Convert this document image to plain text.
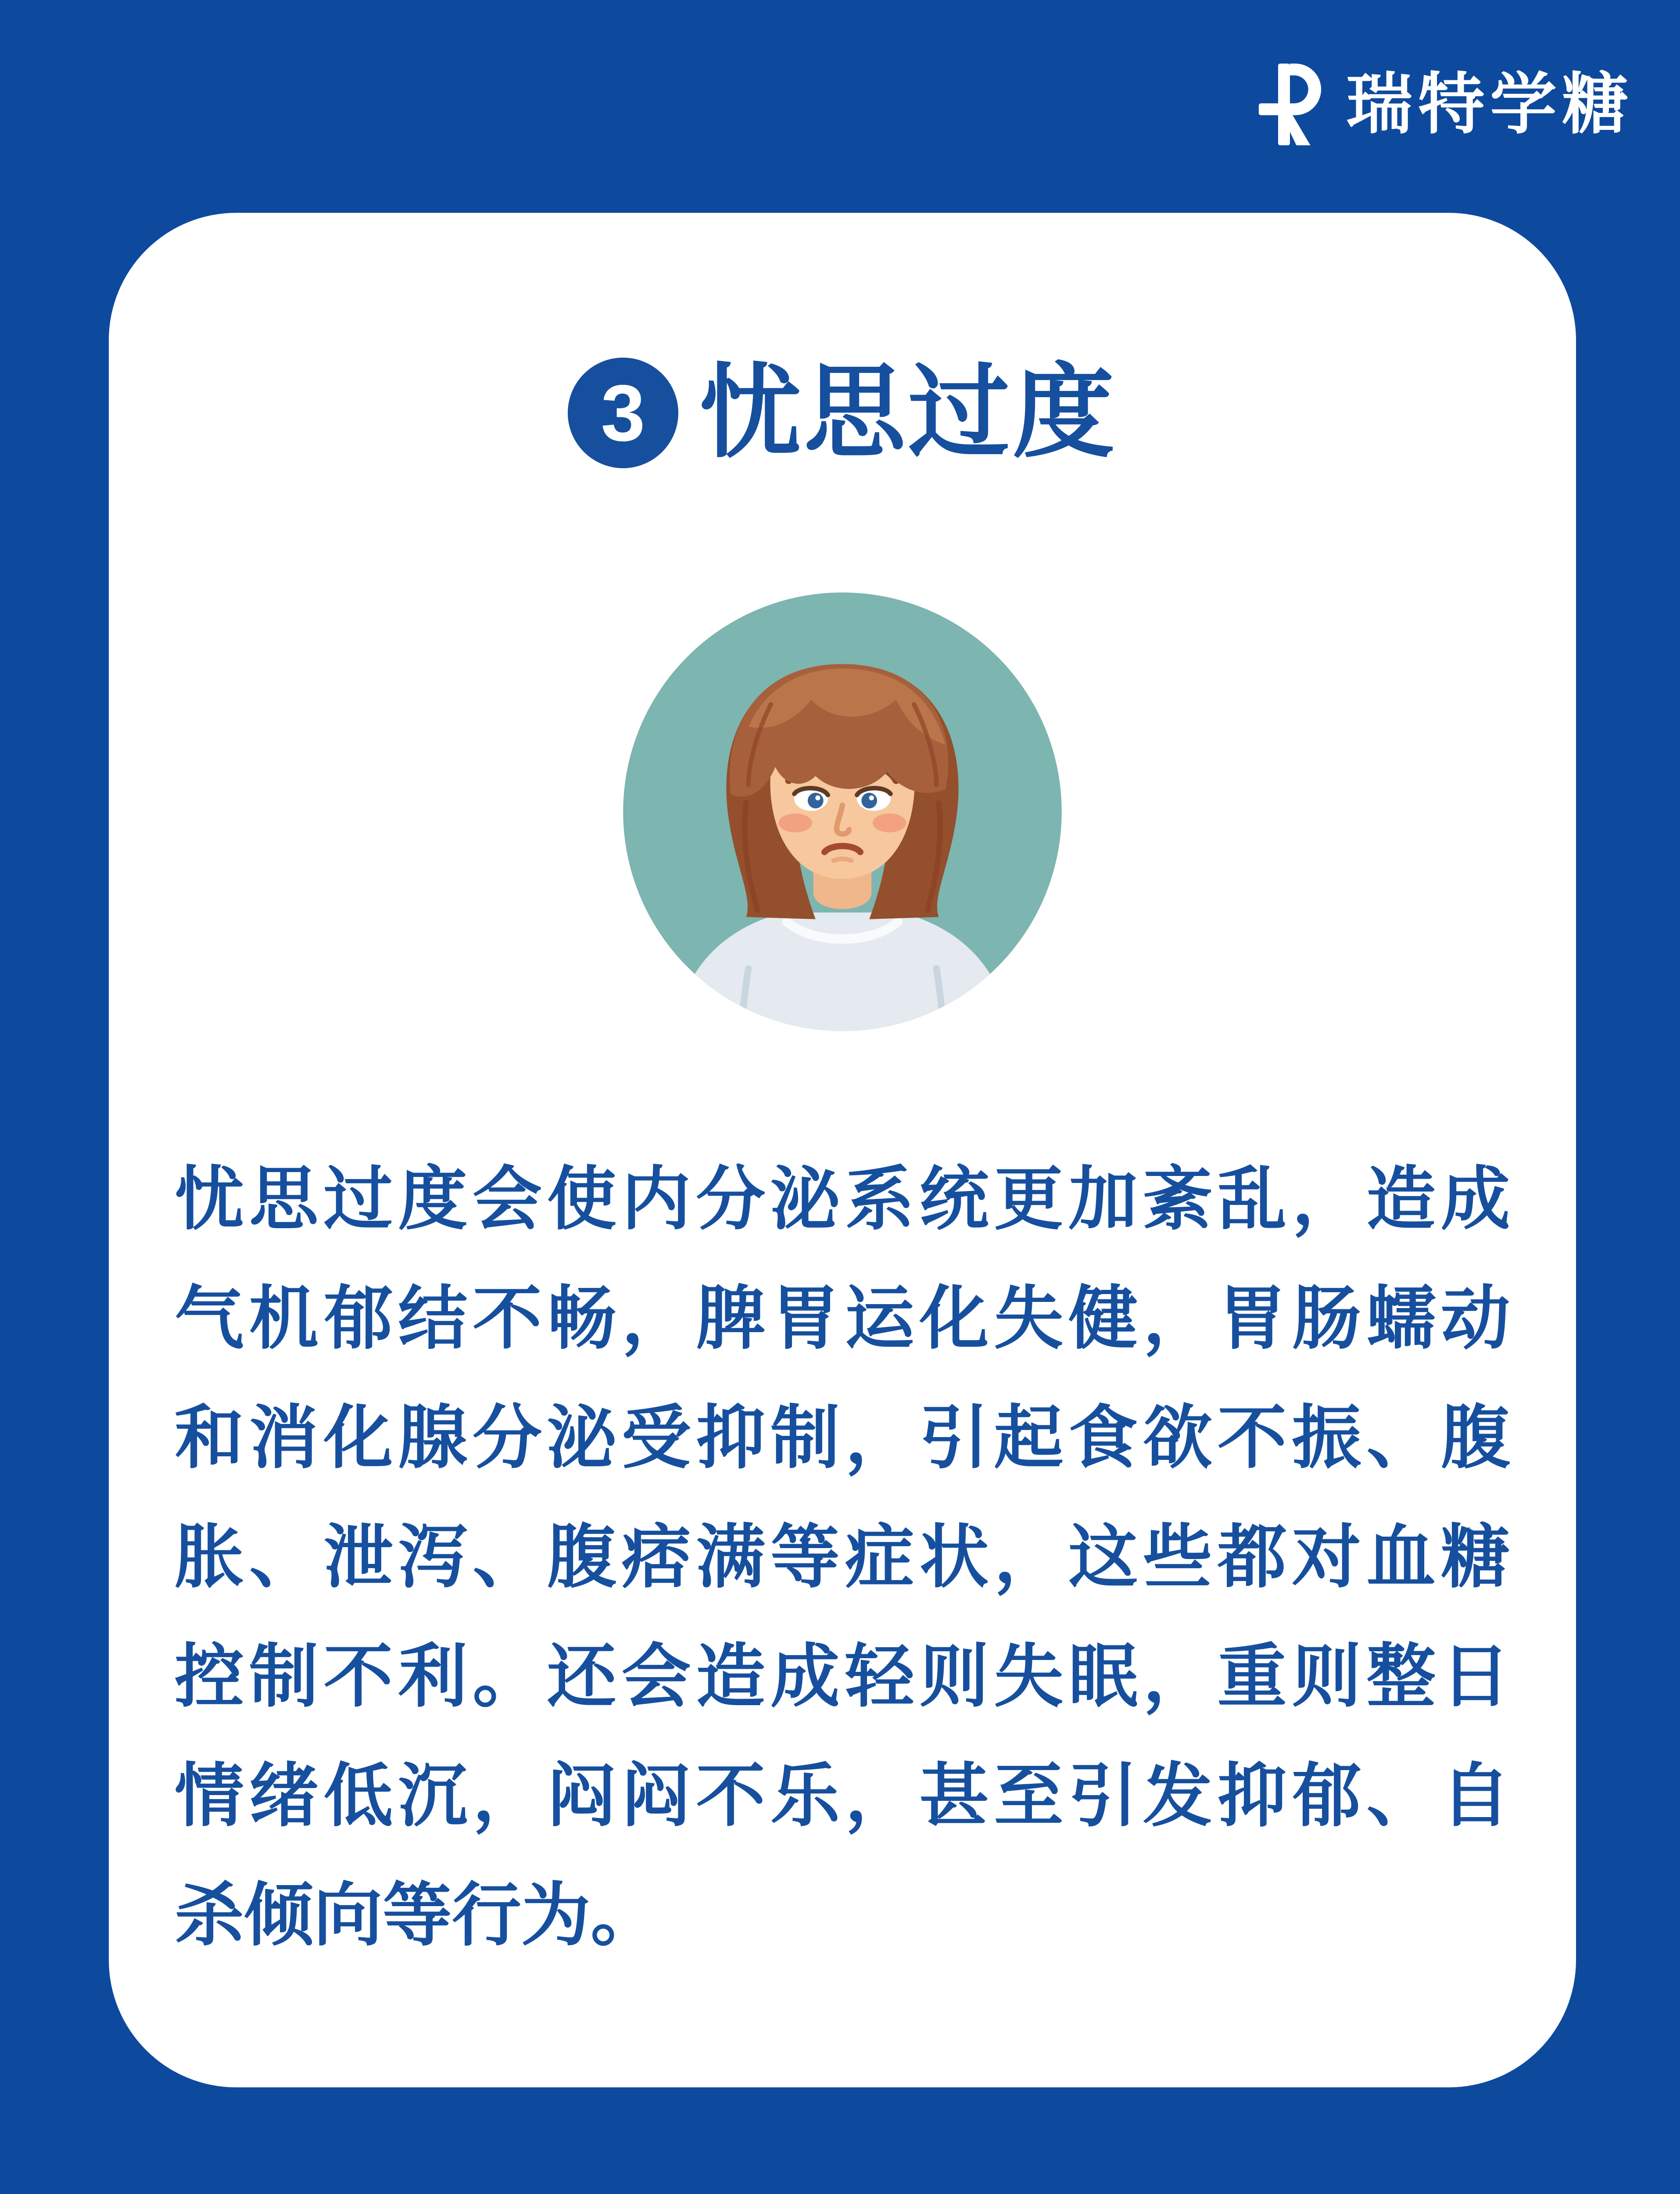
瑞特学糖
3 忧思过度
忧思过度会使内分泌系统更加紊乱，造成
气机郁结不畅，脾胃运化失健，胃肠蠕动
和消化腺分泌受抑制，引起食欲不振、腹
胀、泄泻、腹痞满等症状，这些都对血糖
控制不利。还会造成轻则失眠，重则整日
情绪低沉，闷闷不乐，甚至引发抑郁、自
杀倾向等行为。
